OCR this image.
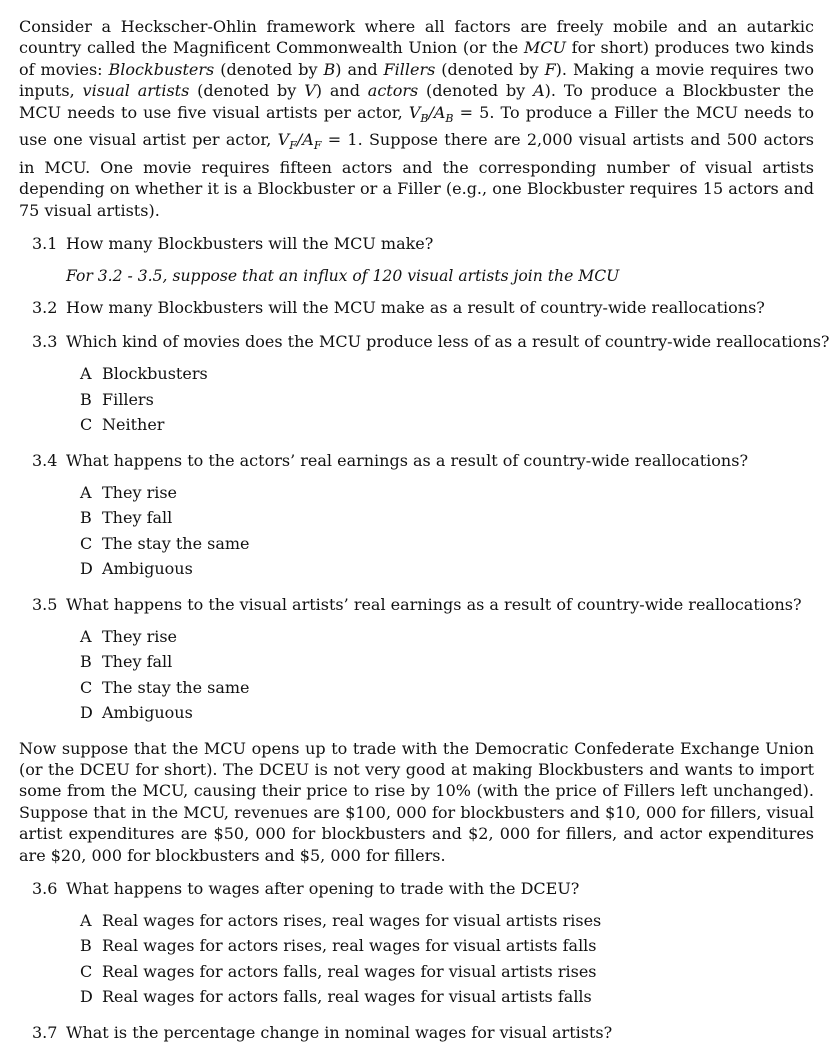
Consider a Heckscher-Ohlin framework where all factors are freely mobile and an autarkic country called the Magnificent Commonwealth Union (or the MCU for short) produces two kinds of movies: Blockbusters (denoted by B) and Fillers (denoted by F). Making a movie requires two inputs, visual artists (denoted by V) and actors (denoted by A). To produce a Blockbuster the MCU needs to use five visual artists per actor, $V_B/A_B = 5$. To produce a Filler the MCU needs to use one visual artist per actor, $V_F/A_F = 1$. Suppose there are 2,000 visual artists and 500 actors in MCU. One movie requires fifteen actors and the corresponding number of visual artists depending on whether it is a Blockbuster or a Filler (e.g., one Blockbuster requires 15 actors and 75 visual artists).

3.1 How many Blockbusters will the MCU make?

For 3.2 - 3.5, suppose that an influx of 120 visual artists join the MCU

3.2 How many Blockbusters will the MCU make as a result of country-wide reallocations?

3.3 Which kind of movies does the MCU produce less of as a result of country-wide reallocations?

A Blockbusters
B Fillers
C Neither

3.4 What happens to the actors’ real earnings as a result of country-wide reallocations?

A They rise
B They fall
C The stay the same
D Ambiguous

3.5 What happens to the visual artists’ real earnings as a result of country-wide reallocations?

A They rise
B They fall
C The stay the same
D Ambiguous

Now suppose that the MCU opens up to trade with the Democratic Confederate Exchange Union (or the DCEU for short). The DCEU is not very good at making Blockbusters and wants to import some from the MCU, causing their price to rise by 10% (with the price of Fillers left unchanged). Suppose that in the MCU, revenues are $100, 000 for blockbusters and $10, 000 for fillers, visual artist expenditures are $50, 000 for blockbusters and $2, 000 for fillers, and actor expenditures are $20, 000 for blockbusters and $5, 000 for fillers.

3.6 What happens to wages after opening to trade with the DCEU?

A Real wages for actors rises, real wages for visual artists rises
B Real wages for actors rises, real wages for visual artists falls
C Real wages for actors falls, real wages for visual artists rises
D Real wages for actors falls, real wages for visual artists falls

3.7 What is the percentage change in nominal wages for visual artists?
